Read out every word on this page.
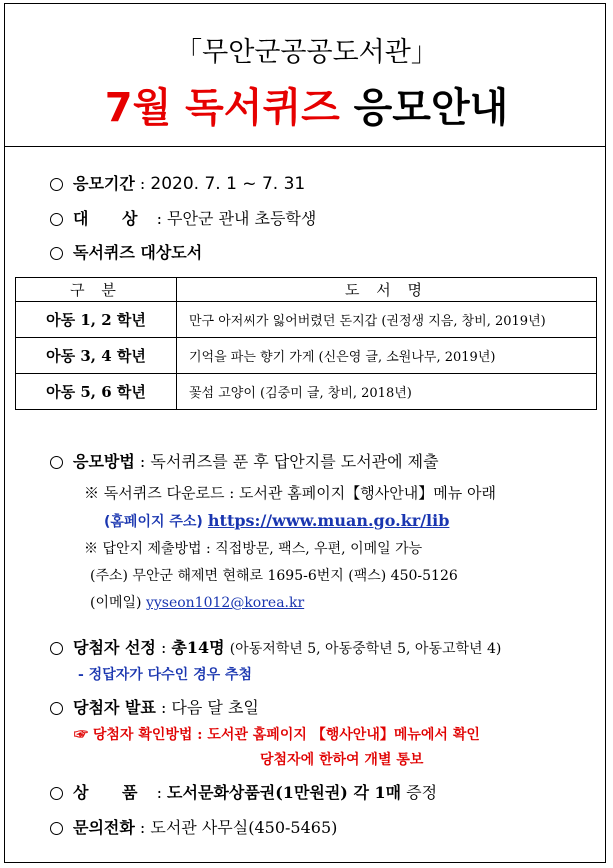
「무안군공공도서관」
7월 독서퀴즈 응모안내
응모기간 : 2020. 7. 1 ~ 7. 31
대 상 : 무안군 관내 초등학생
독서퀴즈 대상도서
구 분	도 서 명
아동 1, 2 학년	만구 아저씨가 잃어버렸던 돈지갑 (권정생 지음, 창비, 2019년)
아동 3, 4 학년	기억을 파는 향기 가게 (신은영 글, 소원나무, 2019년)
아동 5, 6 학년	꽃섬 고양이 (김중미 글, 창비, 2018년)
응모방법 : 독서퀴즈를 푼 후 답안지를 도서관에 제출
※ 독서퀴즈 다운로드 : 도서관 홈페이지【행사안내】메뉴 아래
(홈페이지 주소) https://www.muan.go.kr/lib
※ 답안지 제출방법 : 직접방문, 팩스, 우편, 이메일 가능
(주소) 무안군 해제면 현해로 1695-6번지 (팩스) 450-5126
(이메일) yyseon1012@korea.kr
당첨자 선정 : 총14명 (아동저학년 5, 아동중학년 5, 아동고학년 4)
- 정답자가 다수인 경우 추첨
당첨자 발표 : 다음 달 초일
☞ 당첨자 확인방법 : 도서관 홈페이지 【행사안내】메뉴에서 확인
당첨자에 한하여 개별 통보
상 품 : 도서문화상품권(1만원권) 각 1매 증정
문의전화 : 도서관 사무실(450-5465)
